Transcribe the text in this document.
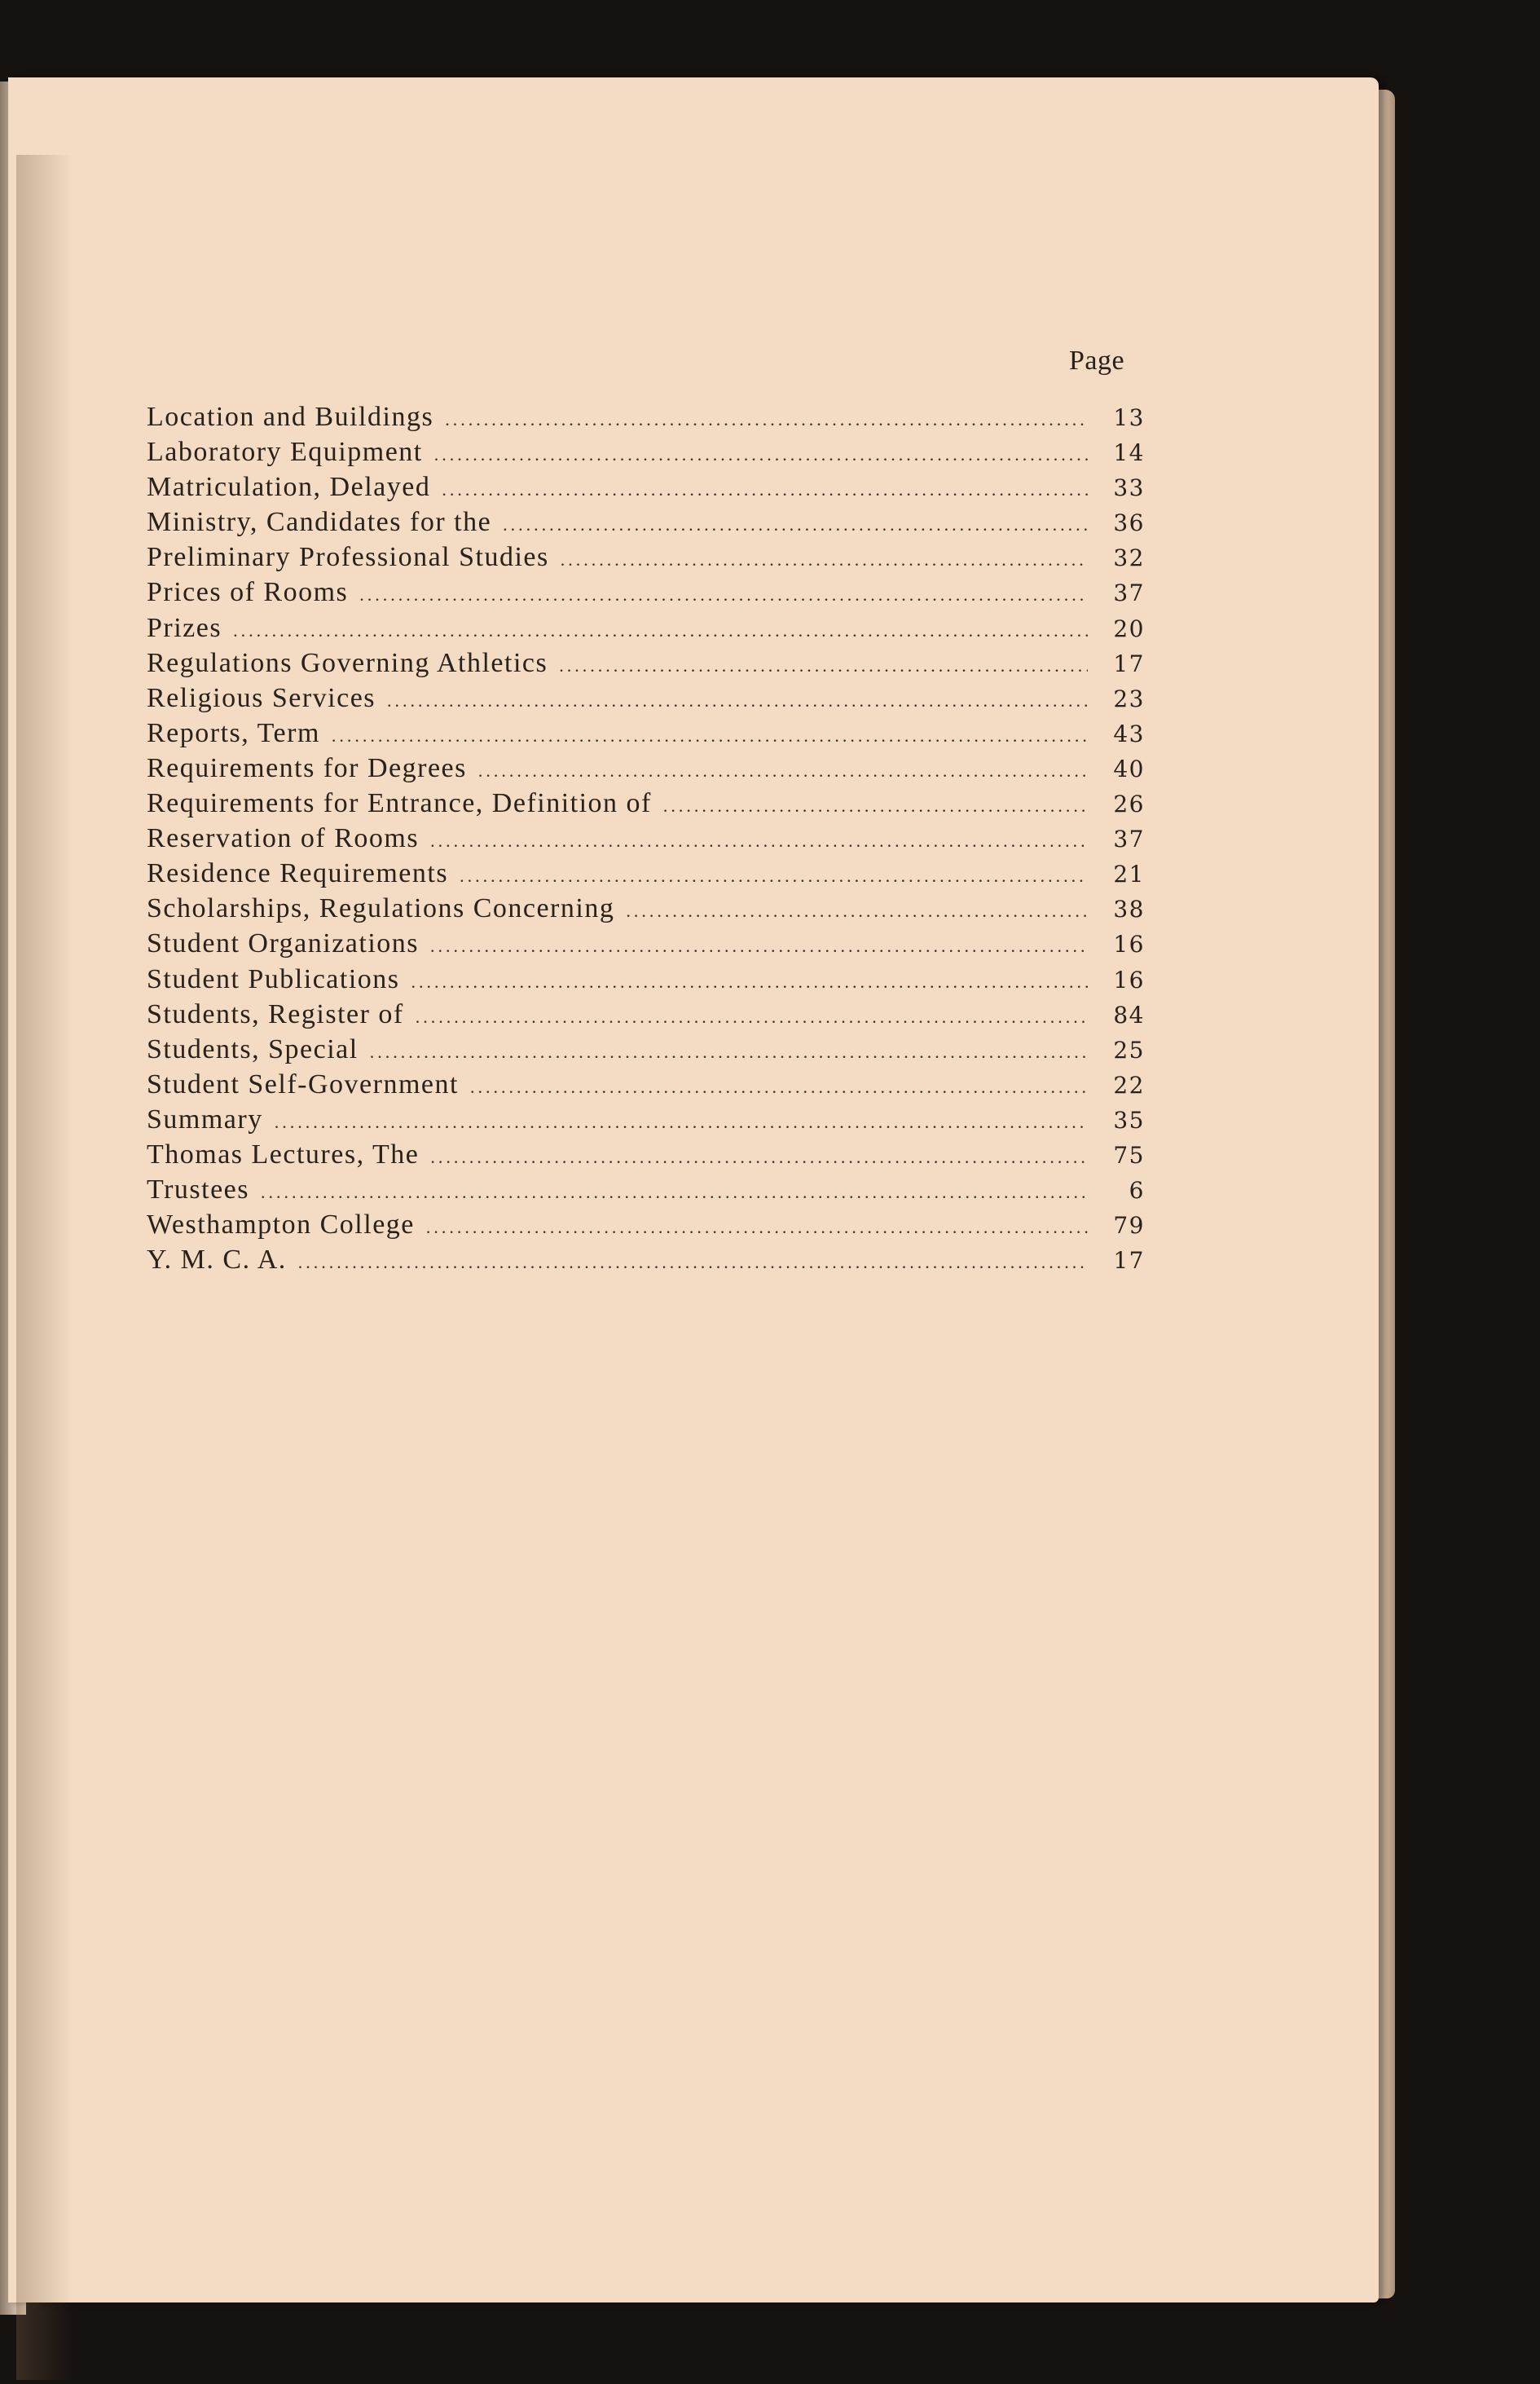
Page
Location and Buildings .....	13
Laboratory Equipment .....	14
Matriculation, Delayed .....	33
Ministry, Candidates for the .....	36
Preliminary Professional Studies .....	32
Prices of Rooms .....	37
Prizes .....	20
Regulations Governing Athletics .....	17
Religious Services .....	23
Reports, Term .....	43
Requirements for Degrees .....	40
Requirements for Entrance, Definition of .....	26
Reservation of Rooms .....	37
Residence Requirements .....	21
Scholarships, Regulations Concerning .....	38
Student Organizations .....	16
Student Publications .....	16
Students, Register of .....	84
Students, Special .....	25
Student Self-Government .....	22
Summary .....	35
Thomas Lectures, The .....	75
Trustees .....	6
Westhampton College .....	79
Y. M. C. A. .....	17
